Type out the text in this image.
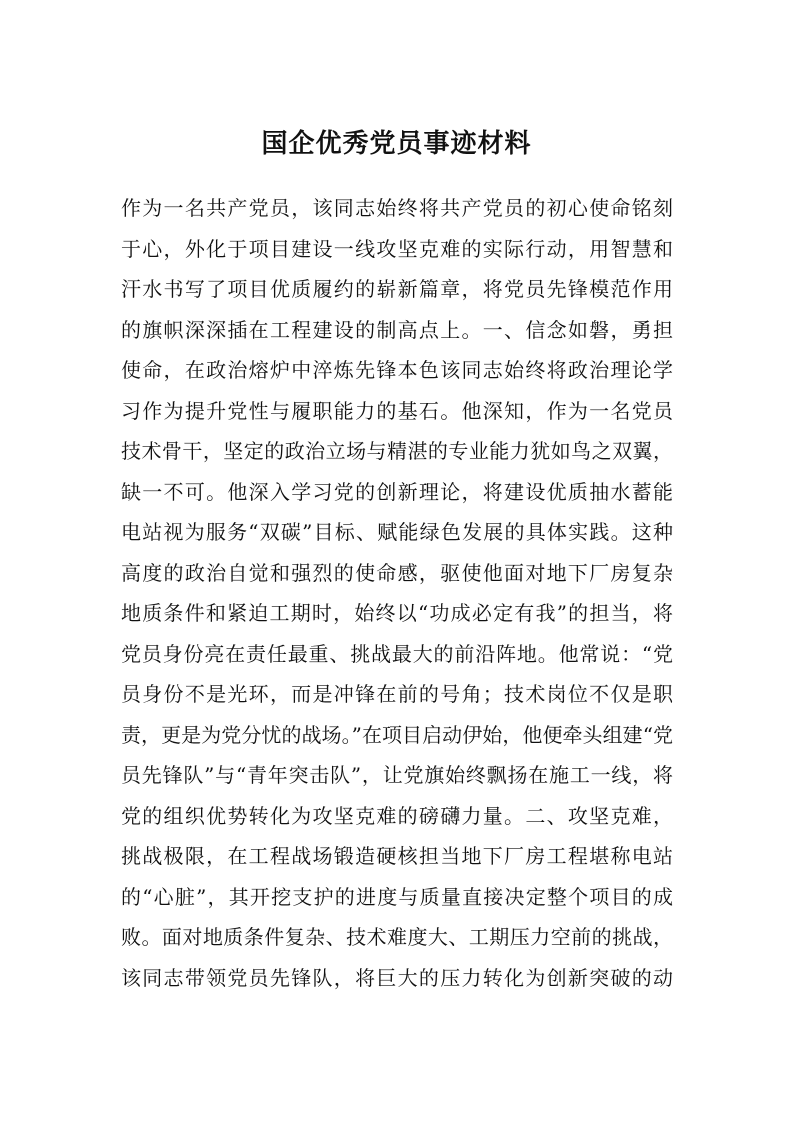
国企优秀党员事迹材料
作为一名共产党员，该同志始终将共产党员的初心使命铭刻
于心，外化于项目建设一线攻坚克难的实际行动，用智慧和
汗水书写了项目优质履约的崭新篇章，将党员先锋模范作用
的旗帜深深插在工程建设的制高点上。一、信念如磐，勇担
使命，在政治熔炉中淬炼先锋本色该同志始终将政治理论学
习作为提升党性与履职能力的基石。他深知，作为一名党员
技术骨干，坚定的政治立场与精湛的专业能力犹如鸟之双翼，
缺一不可。他深入学习党的创新理论，将建设优质抽水蓄能
电站视为服务“双碳”目标、赋能绿色发展的具体实践。这种
高度的政治自觉和强烈的使命感，驱使他面对地下厂房复杂
地质条件和紧迫工期时，始终以“功成必定有我”的担当，将
党员身份亮在责任最重、挑战最大的前沿阵地。他常说：“党
员身份不是光环，而是冲锋在前的号角；技术岗位不仅是职
责，更是为党分忧的战场。”在项目启动伊始，他便牵头组建“党
员先锋队”与“青年突击队”，让党旗始终飘扬在施工一线，将
党的组织优势转化为攻坚克难的磅礴力量。二、攻坚克难，
挑战极限，在工程战场锻造硬核担当地下厂房工程堪称电站
的“心脏”，其开挖支护的进度与质量直接决定整个项目的成
败。面对地质条件复杂、技术难度大、工期压力空前的挑战，
该同志带领党员先锋队，将巨大的压力转化为创新突破的动
